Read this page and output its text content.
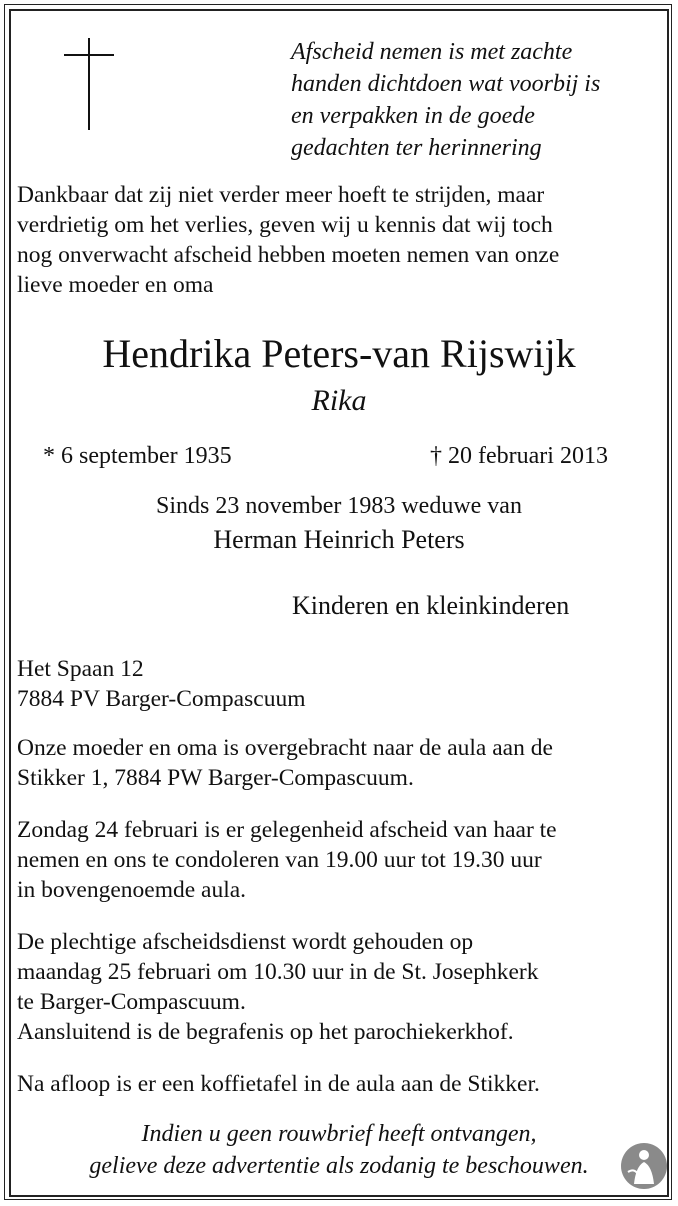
Afscheid nemen is met zachte
handen dichtdoen wat voorbij is
en verpakken in de goede
gedachten ter herinnering
Dankbaar dat zij niet verder meer hoeft te strijden, maar
verdrietig om het verlies, geven wij u kennis dat wij toch
nog onverwacht afscheid hebben moeten nemen van onze
lieve moeder en oma
Hendrika Peters-van Rijswijk
Rika
* 6 september 1935	† 20 februari 2013
Sinds 23 november 1983 weduwe van
Herman Heinrich Peters
Kinderen en kleinkinderen
Het Spaan 12
7884 PV Barger-Compascuum
Onze moeder en oma is overgebracht naar de aula aan de
Stikker 1, 7884 PW Barger-Compascuum.
Zondag 24 februari is er gelegenheid afscheid van haar te
nemen en ons te condoleren van 19.00 uur tot 19.30 uur
in bovengenoemde aula.
De plechtige afscheidsdienst wordt gehouden op
maandag 25 februari om 10.30 uur in de St. Josephkerk
te Barger-Compascuum.
Aansluitend is de begrafenis op het parochiekerkhof.
Na afloop is er een koffietafel in de aula aan de Stikker.
Indien u geen rouwbrief heeft ontvangen,
gelieve deze advertentie als zodanig te beschouwen.
